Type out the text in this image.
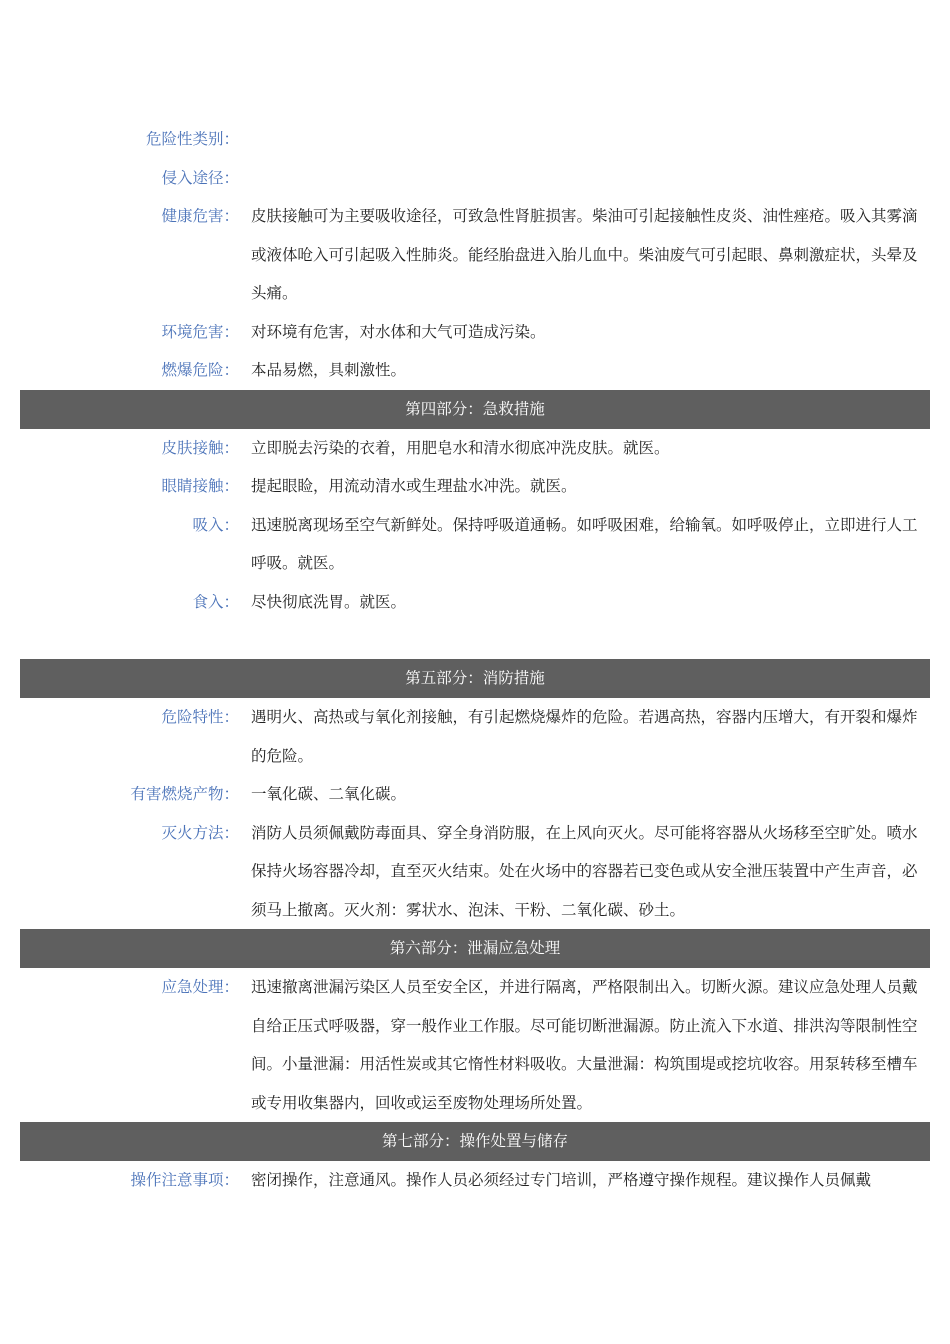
危险性类别：
侵入途径：
健康危害： 皮肤接触可为主要吸收途径，可致急性肾脏损害。柴油可引起接触性皮炎、油性痤疮。吸入其雾滴或液体呛入可引起吸入性肺炎。能经胎盘进入胎儿血中。柴油废气可引起眼、鼻刺激症状，头晕及头痛。
环境危害： 对环境有危害，对水体和大气可造成污染。
燃爆危险： 本品易燃，具刺激性。
第四部分：急救措施
皮肤接触： 立即脱去污染的衣着，用肥皂水和清水彻底冲洗皮肤。就医。
眼睛接触： 提起眼睑，用流动清水或生理盐水冲洗。就医。
吸入： 迅速脱离现场至空气新鲜处。保持呼吸道通畅。如呼吸困难，给输氧。如呼吸停止，立即进行人工呼吸。就医。
食入： 尽快彻底洗胃。就医。
第五部分：消防措施
危险特性： 遇明火、高热或与氧化剂接触，有引起燃烧爆炸的危险。若遇高热，容器内压增大，有开裂和爆炸的危险。
有害燃烧产物： 一氧化碳、二氧化碳。
灭火方法： 消防人员须佩戴防毒面具、穿全身消防服，在上风向灭火。尽可能将容器从火场移至空旷处。喷水保持火场容器冷却，直至灭火结束。处在火场中的容器若已变色或从安全泄压装置中产生声音，必须马上撤离。灭火剂：雾状水、泡沫、干粉、二氧化碳、砂土。
第六部分：泄漏应急处理
应急处理： 迅速撤离泄漏污染区人员至安全区，并进行隔离，严格限制出入。切断火源。建议应急处理人员戴自给正压式呼吸器，穿一般作业工作服。尽可能切断泄漏源。防止流入下水道、排洪沟等限制性空间。小量泄漏：用活性炭或其它惰性材料吸收。大量泄漏：构筑围堤或挖坑收容。用泵转移至槽车或专用收集器内，回收或运至废物处理场所处置。
第七部分：操作处置与储存
操作注意事项： 密闭操作，注意通风。操作人员必须经过专门培训，严格遵守操作规程。建议操作人员佩戴
